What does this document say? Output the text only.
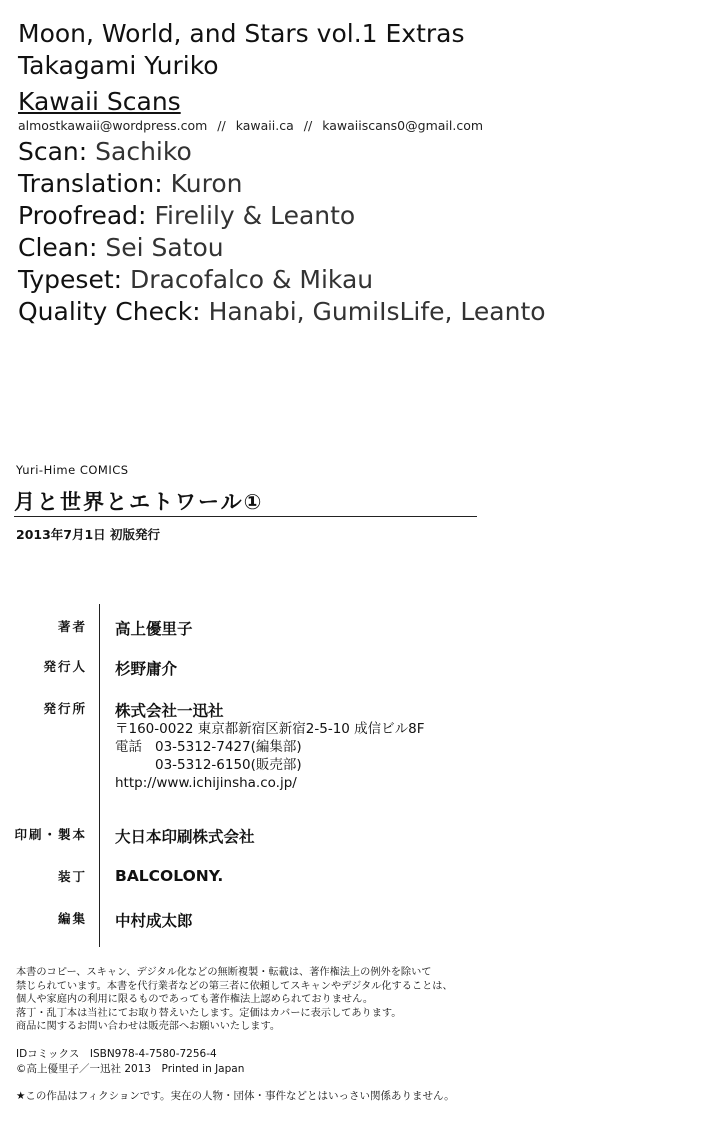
Moon, World, and Stars vol.1 Extras
Takagami Yuriko
Kawaii Scans
almostkawaii@wordpress.com // kawaii.ca // kawaiiscans0@gmail.com
Scan: Sachiko
Translation: Kuron
Proofread: Firelily & Leanto
Clean: Sei Satou
Typeset: Dracofalco & Mikau
Quality Check: Hanabi, GumiIsLife, Leanto
Yuri-Hime COMICS
月と世界とエトワール①
2013年7月1日 初版発行
著者 高上優里子
発行人 杉野庸介
発行所 株式会社一迅社
〒160-0022 東京都新宿区新宿2-5-10 成信ビル8F
電話 03-5312-7427(編集部)
03-5312-6150(販売部)
http://www.ichijinsha.co.jp/
印刷・製本 大日本印刷株式会社
装丁 BALCOLONY.
編集 中村成太郎
本書のコピー、スキャン、デジタル化などの無断複製・転載は、著作権法上の例外を除いて
禁じられています。本書を代行業者などの第三者に依頼してスキャンやデジタル化することは、
個人や家庭内の利用に限るものであっても著作権法上認められておりません。
落丁・乱丁本は当社にてお取り替えいたします。定価はカバーに表示してあります。
商品に関するお問い合わせは販売部へお願いいたします。
IDコミックス　ISBN978-4-7580-7256-4
©高上優里子／一迅社 2013　Printed in Japan
★この作品はフィクションです。実在の人物・団体・事件などとはいっさい関係ありません。
